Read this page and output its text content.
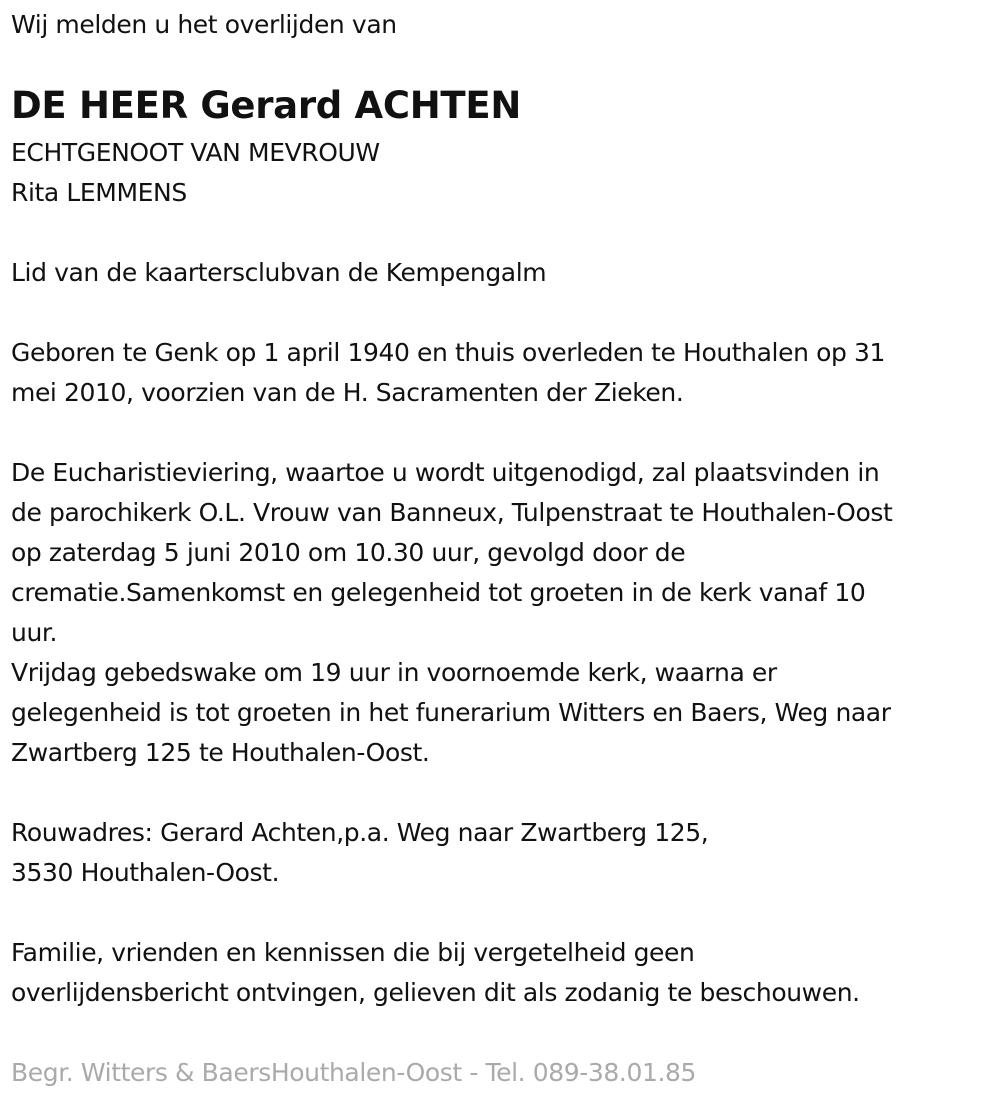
Wij melden u het overlijden van
DE HEER Gerard ACHTEN
ECHTGENOOT VAN MEVROUW
Rita LEMMENS
Lid van de kaartersclubvan de Kempengalm
Geboren te Genk op 1 april 1940 en thuis overleden te Houthalen op 31
mei 2010, voorzien van de H. Sacramenten der Zieken.
De Eucharistieviering, waartoe u wordt uitgenodigd, zal plaatsvinden in
de parochikerk O.L. Vrouw van Banneux, Tulpenstraat te Houthalen-Oost
op zaterdag 5 juni 2010 om 10.30 uur, gevolgd door de
crematie.Samenkomst en gelegenheid tot groeten in de kerk vanaf 10
uur.
Vrijdag gebedswake om 19 uur in voornoemde kerk, waarna er
gelegenheid is tot groeten in het funerarium Witters en Baers, Weg naar
Zwartberg 125 te Houthalen-Oost.
Rouwadres: Gerard Achten,p.a. Weg naar Zwartberg 125,
3530 Houthalen-Oost.
Familie, vrienden en kennissen die bij vergetelheid geen
overlijdensbericht ontvingen, gelieven dit als zodanig te beschouwen.
Begr. Witters & BaersHouthalen-Oost - Tel. 089-38.01.85
